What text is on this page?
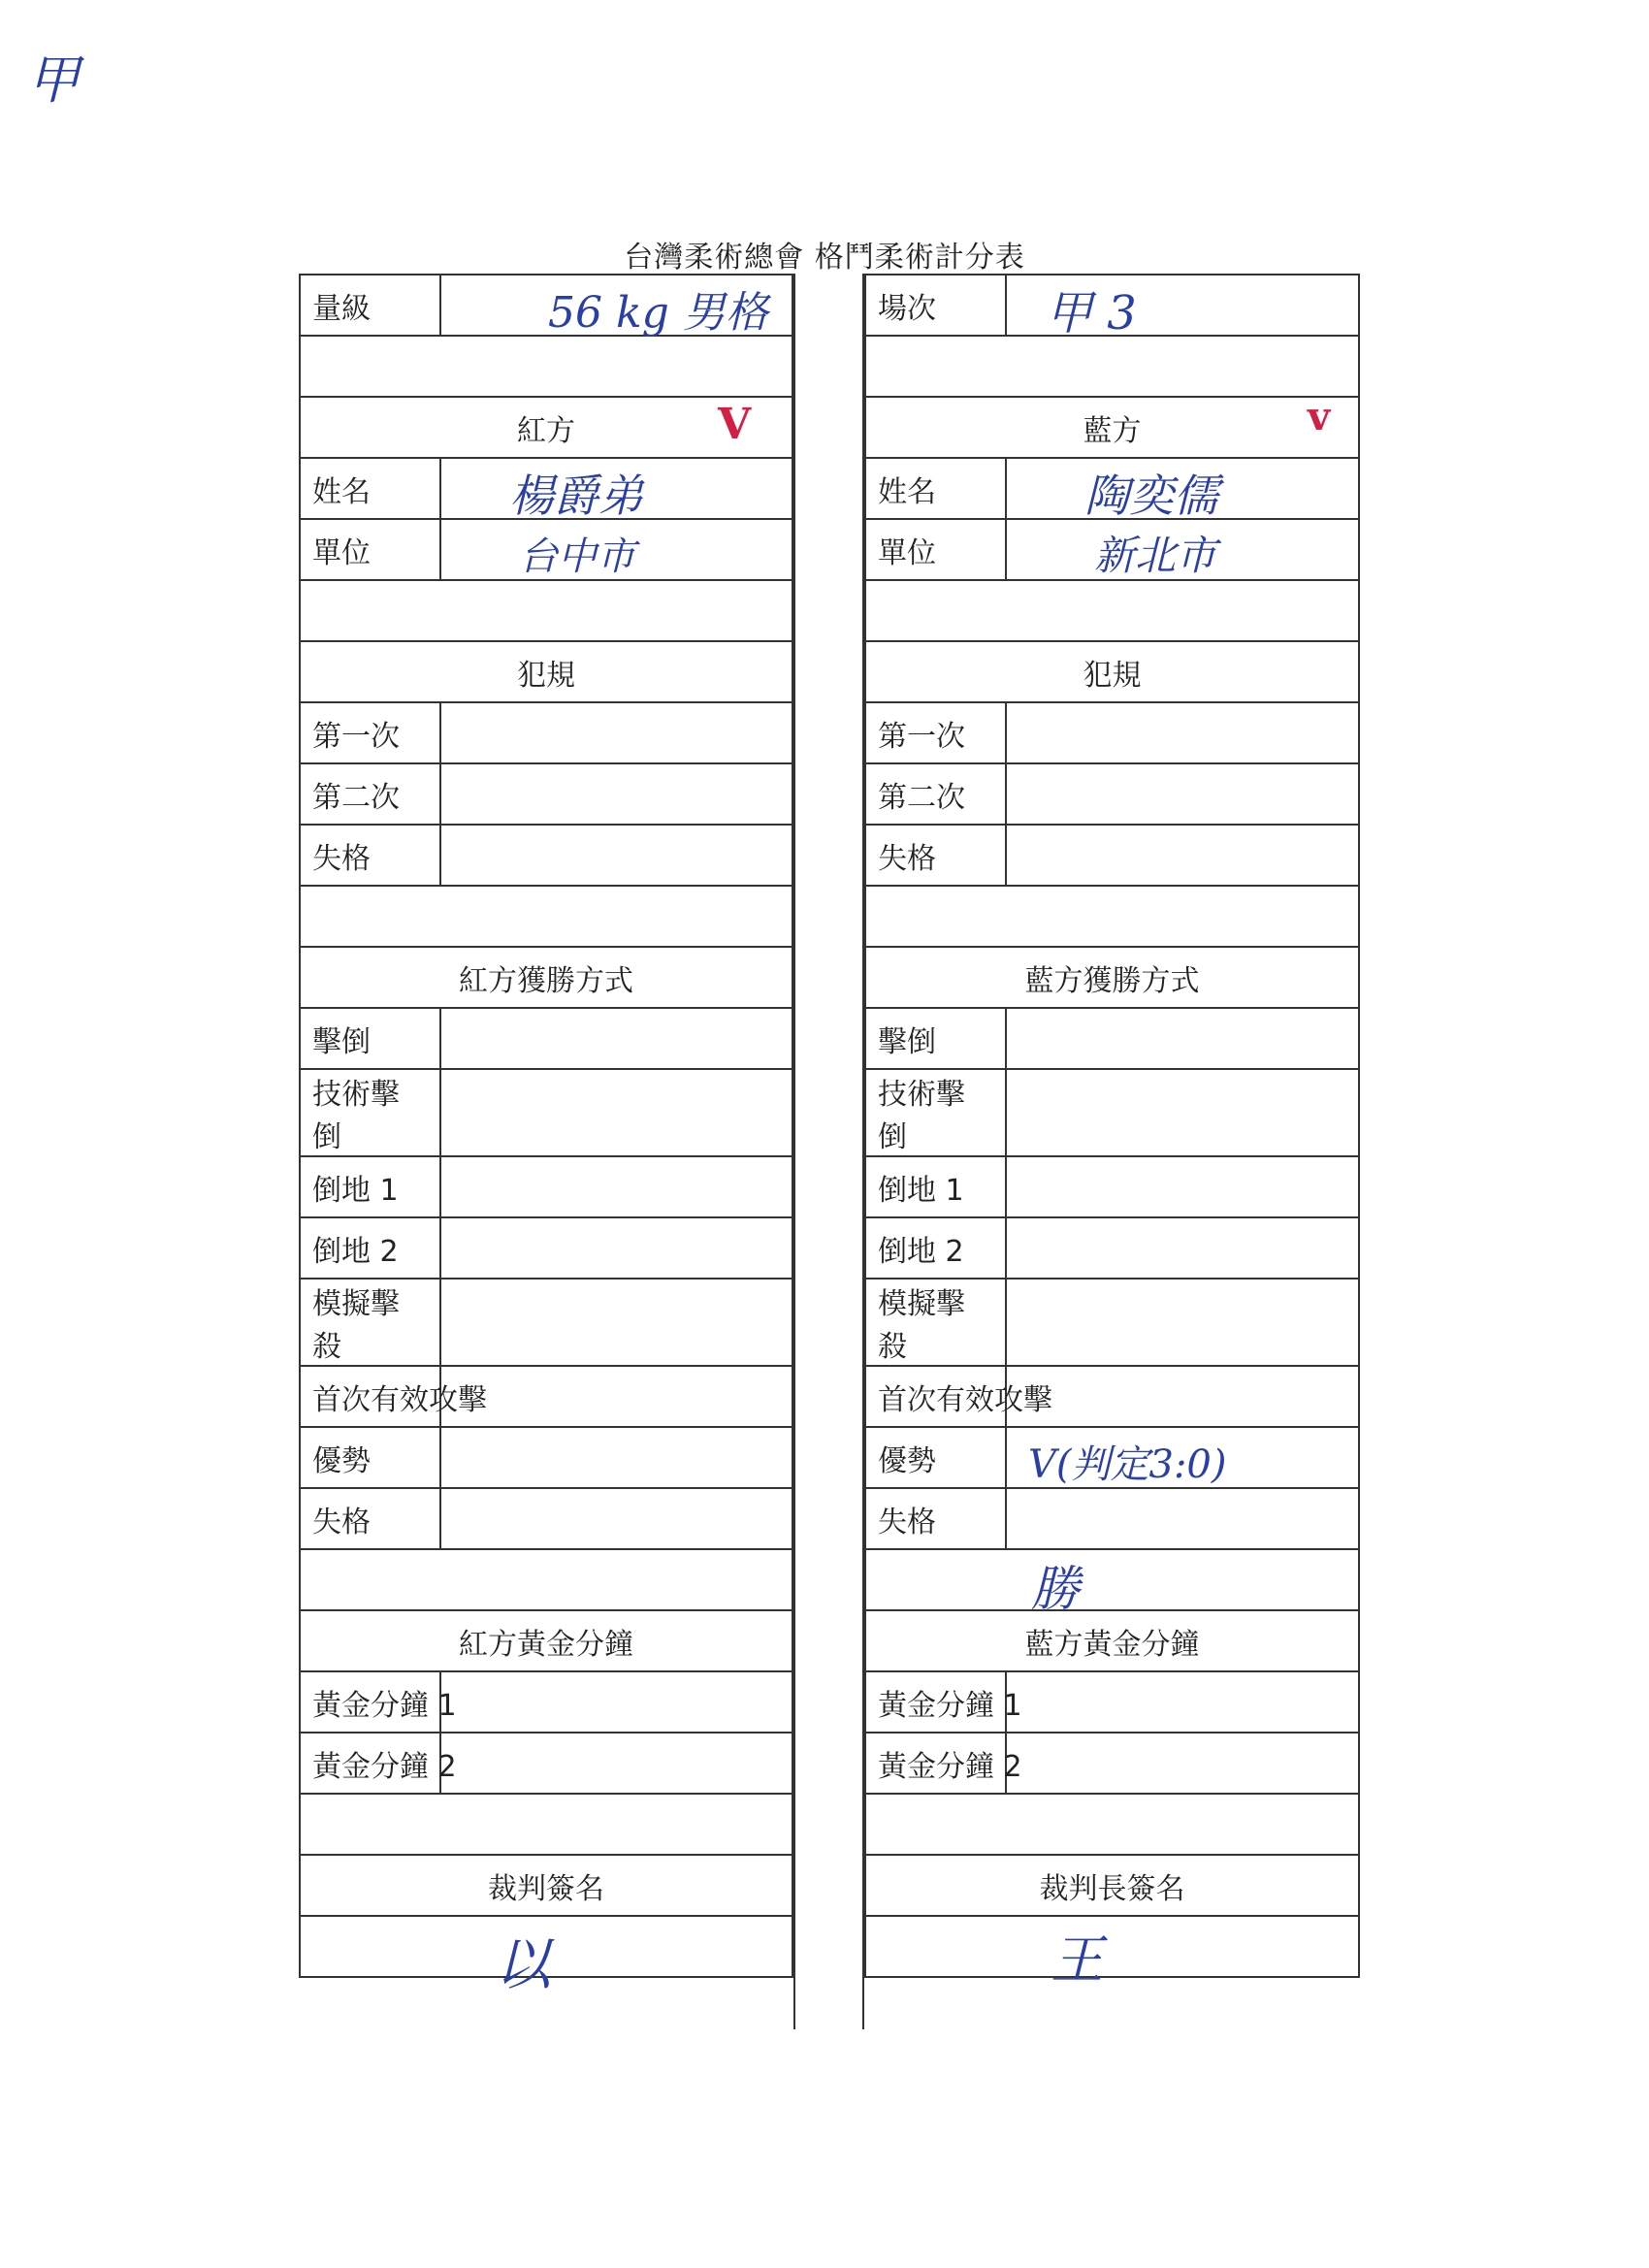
甲
台灣柔術總會 格鬥柔術計分表
量級	56 kg 男格

紅方 V	

姓名	楊爵弟

單位	台中市

犯規	
第一次	
第二次	
失格	

紅方獲勝方式	
擊倒	
技術擊倒	
倒地 1	
倒地 2	
模擬擊殺	
首次有效攻擊	
優勢	
失格	

紅方黃金分鐘	
黃金分鐘 1	
黃金分鐘 2	

裁判簽名	

以	
場次	甲 3

藍方 v	

姓名	陶奕儒

單位	新北市

犯規	
第一次	
第二次	
失格	

藍方獲勝方式	
擊倒	
技術擊倒	
倒地 1	
倒地 2	
模擬擊殺	
首次有效攻擊	
優勢	V(判定3:0)

失格	

勝	

藍方黃金分鐘	
黃金分鐘 1	
黃金分鐘 2	

裁判長簽名	

王	
